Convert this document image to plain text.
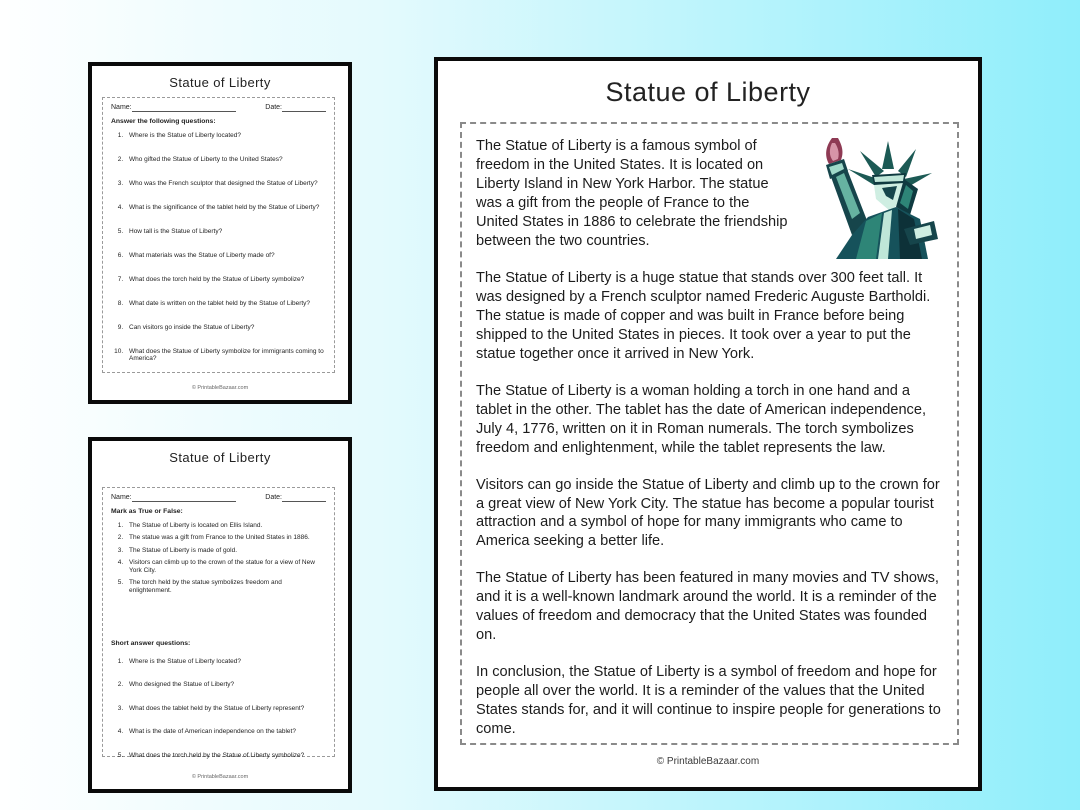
Statue of Liberty
Name:	Date:
Answer the following questions:
1. Where is the Statue of Liberty located?
2. Who gifted the Statue of Liberty to the United States?
3. Who was the French sculptor that designed the Statue of Liberty?
4. What is the significance of the tablet held by the Statue of Liberty?
5. How tall is the Statue of Liberty?
6. What materials was the Statue of Liberty made of?
7. What does the torch held by the Statue of Liberty symbolize?
8. What date is written on the tablet held by the Statue of Liberty?
9. Can visitors go inside the Statue of Liberty?
10. What does the Statue of Liberty symbolize for immigrants coming to America?
© PrintableBazaar.com
Statue of Liberty
Name:	Date:
Mark as True or False:
1. The Statue of Liberty is located on Ellis Island.
2. The statue was a gift from France to the United States in 1886.
3. The Statue of Liberty is made of gold.
4. Visitors can climb up to the crown of the statue for a view of New York City.
5. The torch held by the statue symbolizes freedom and enlightenment.
Short answer questions:
1. Where is the Statue of Liberty located?
2. Who designed the Statue of Liberty?
3. What does the tablet held by the Statue of Liberty represent?
4. What is the date of American independence on the tablet?
5. What does the torch held by the Statue of Liberty symbolize?
© PrintableBazaar.com
Statue of Liberty

The Statue of Liberty is a famous symbol of freedom in the United States. It is located on Liberty Island in New York Harbor. The statue was a gift from the people of France to the United States in 1886 to celebrate the friendship between the two countries.

The Statue of Liberty is a huge statue that stands over 300 feet tall. It was designed by a French sculptor named Frederic Auguste Bartholdi. The statue is made of copper and was built in France before being shipped to the United States in pieces. It took over a year to put the statue together once it arrived in New York.

The Statue of Liberty is a woman holding a torch in one hand and a tablet in the other. The tablet has the date of American independence, July 4, 1776, written on it in Roman numerals. The torch symbolizes freedom and enlightenment, while the tablet represents the law.

Visitors can go inside the Statue of Liberty and climb up to the crown for a great view of New York City. The statue has become a popular tourist attraction and a symbol of hope for many immigrants who came to America seeking a better life.

The Statue of Liberty has been featured in many movies and TV shows, and it is a well-known landmark around the world. It is a reminder of the values of freedom and democracy that the United States was founded on.

In conclusion, the Statue of Liberty is a symbol of freedom and hope for people all over the world. It is a reminder of the values that the United States stands for, and it will continue to inspire people for generations to come.

© PrintableBazaar.com
